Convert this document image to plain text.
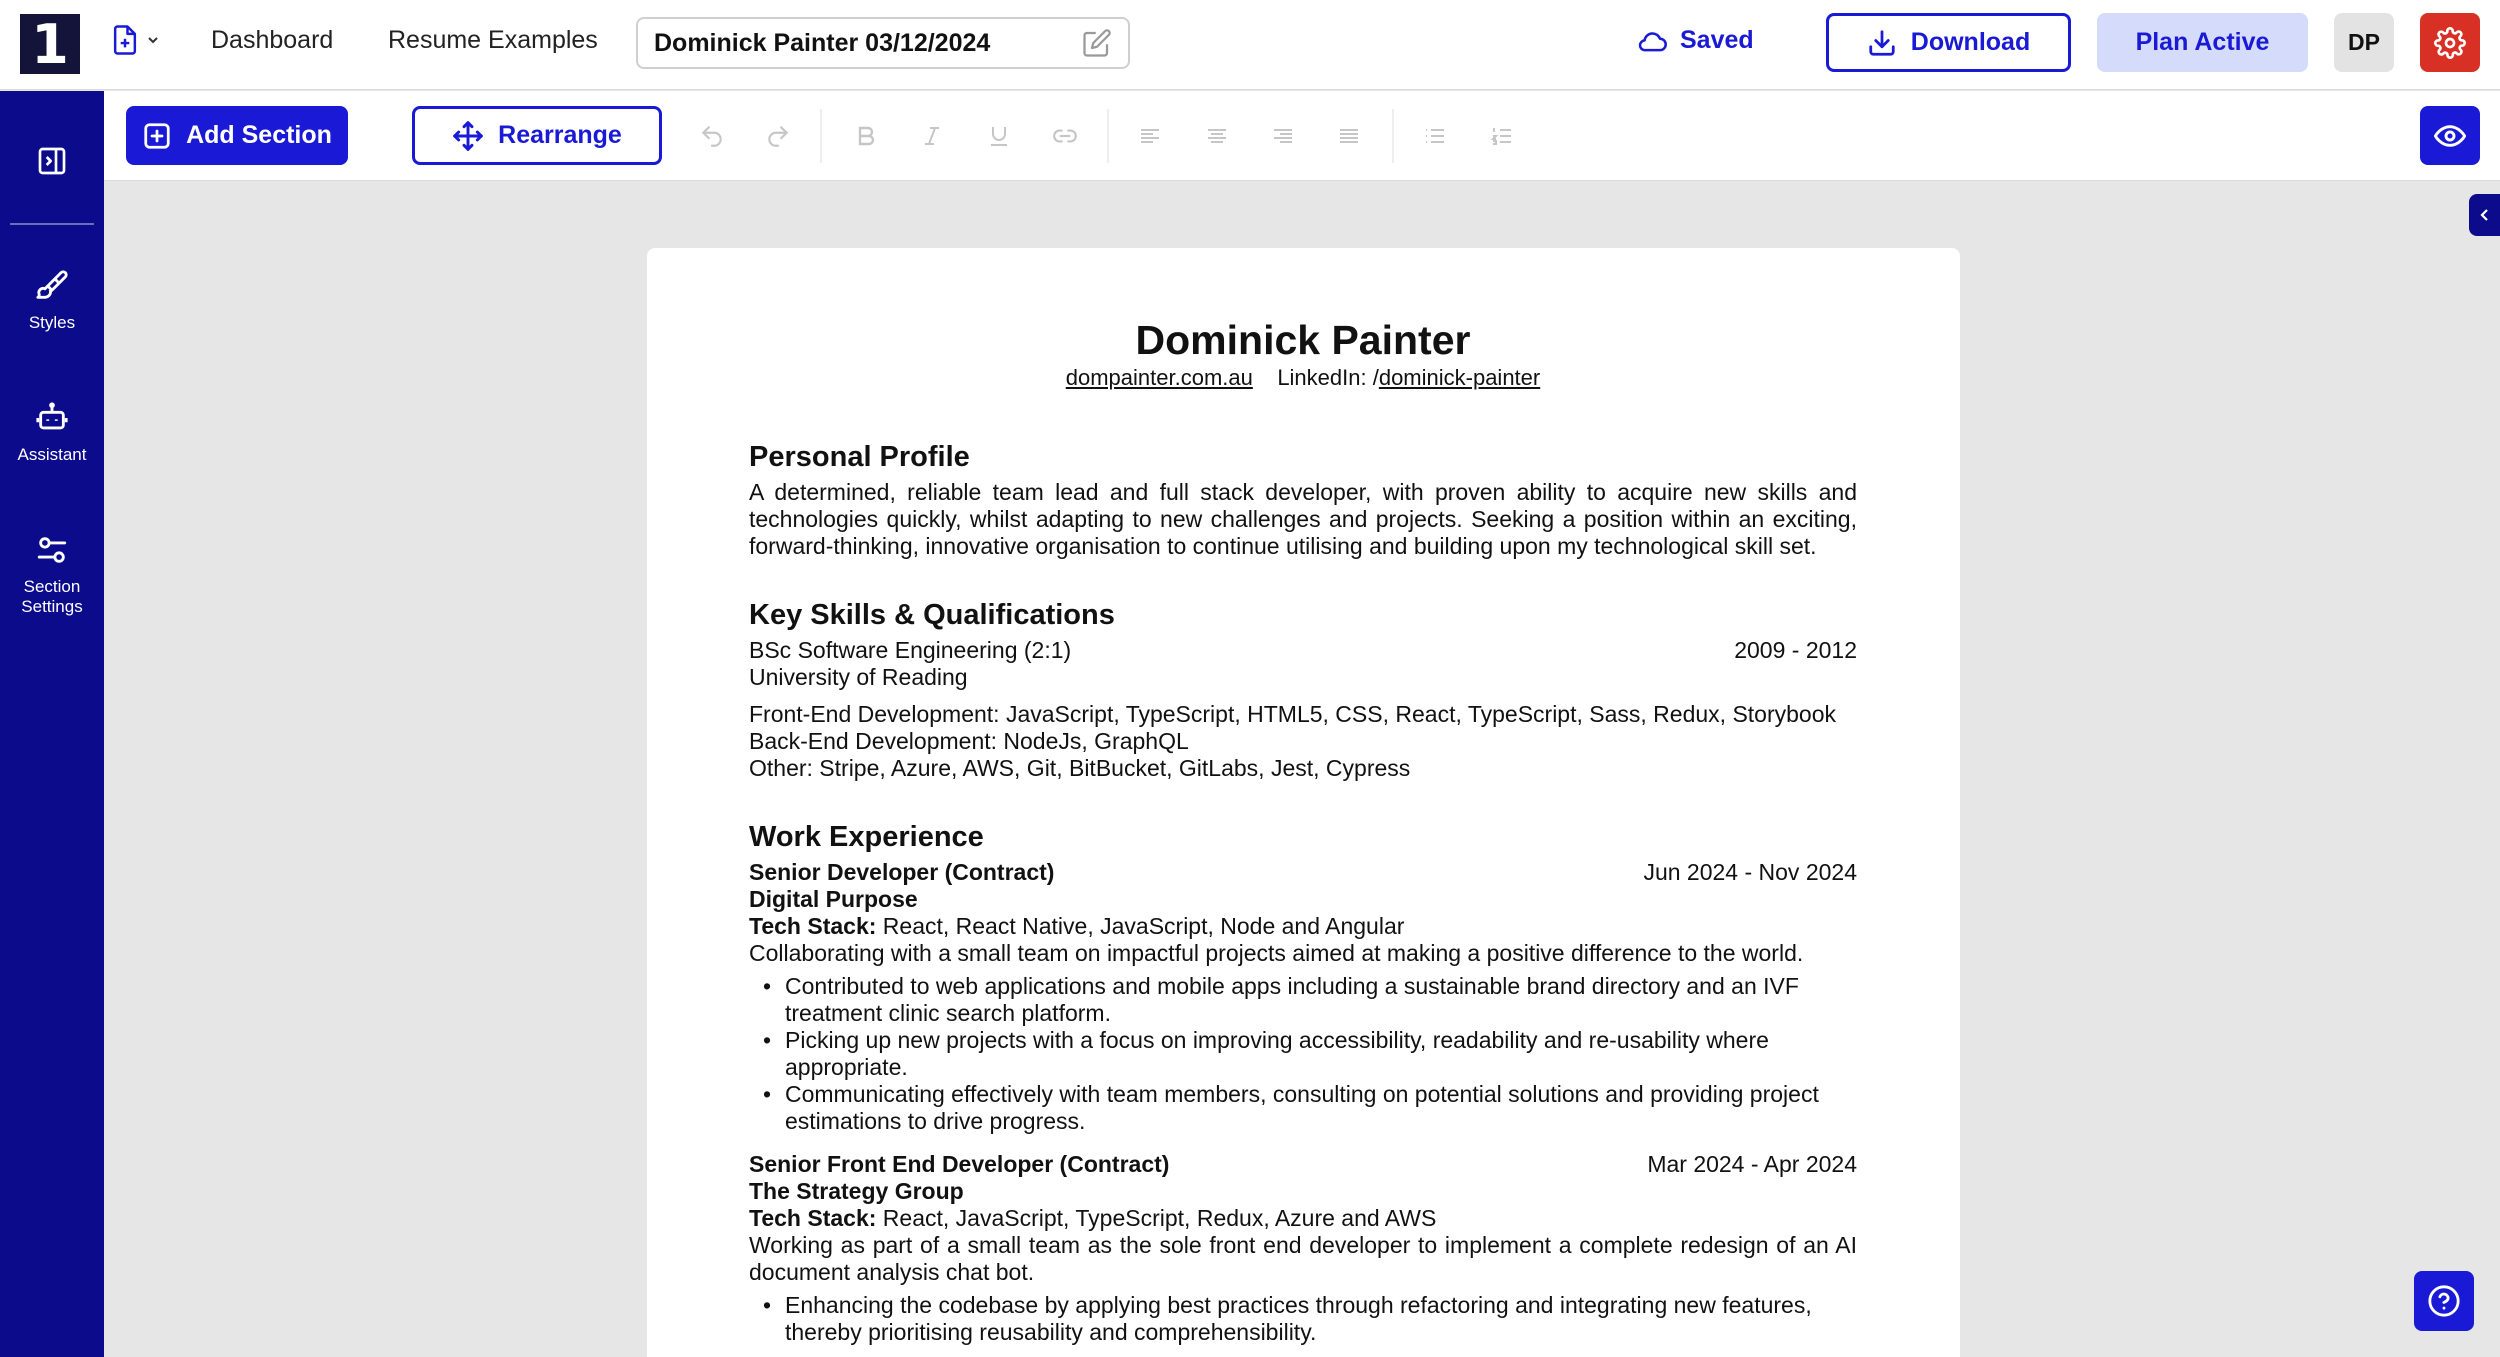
1	Dashboard Resume Examples Dominick Painter 03/12/2024	Saved	Download	Plan Active	DP
Styles
Assistant
Section Settings
Add Section	Rearrange
Dominick Painter
dompainter.com.au LinkedIn: /dominick-painter
Personal Profile
A determined, reliable team lead and full stack developer, with proven ability to acquire new skills and technologies quickly, whilst adapting to new challenges and projects. Seeking a position within an exciting, forward-thinking, innovative organisation to continue utilising and building upon my technological skill set.
Key Skills & Qualifications
BSc Software Engineering (2:1)	2009 - 2012
University of Reading
Front-End Development: JavaScript, TypeScript, HTML5, CSS, React, TypeScript, Sass, Redux, Storybook
Back-End Development: NodeJs, GraphQL
Other: Stripe, Azure, AWS, Git, BitBucket, GitLabs, Jest, Cypress
Work Experience
Senior Developer (Contract)	Jun 2024 - Nov 2024
Digital Purpose
Tech Stack: React, React Native, JavaScript, Node and Angular
Collaborating with a small team on impactful projects aimed at making a positive difference to the world.
• Contributed to web applications and mobile apps including a sustainable brand directory and an IVF treatment clinic search platform.
• Picking up new projects with a focus on improving accessibility, readability and re-usability where appropriate.
• Communicating effectively with team members, consulting on potential solutions and providing project estimations to drive progress.
Senior Front End Developer (Contract)	Mar 2024 - Apr 2024
The Strategy Group
Tech Stack: React, JavaScript, TypeScript, Redux, Azure and AWS
Working as part of a small team as the sole front end developer to implement a complete redesign of an AI document analysis chat bot.
• Enhancing the codebase by applying best practices through refactoring and integrating new features, thereby prioritising reusability and comprehensibility.
